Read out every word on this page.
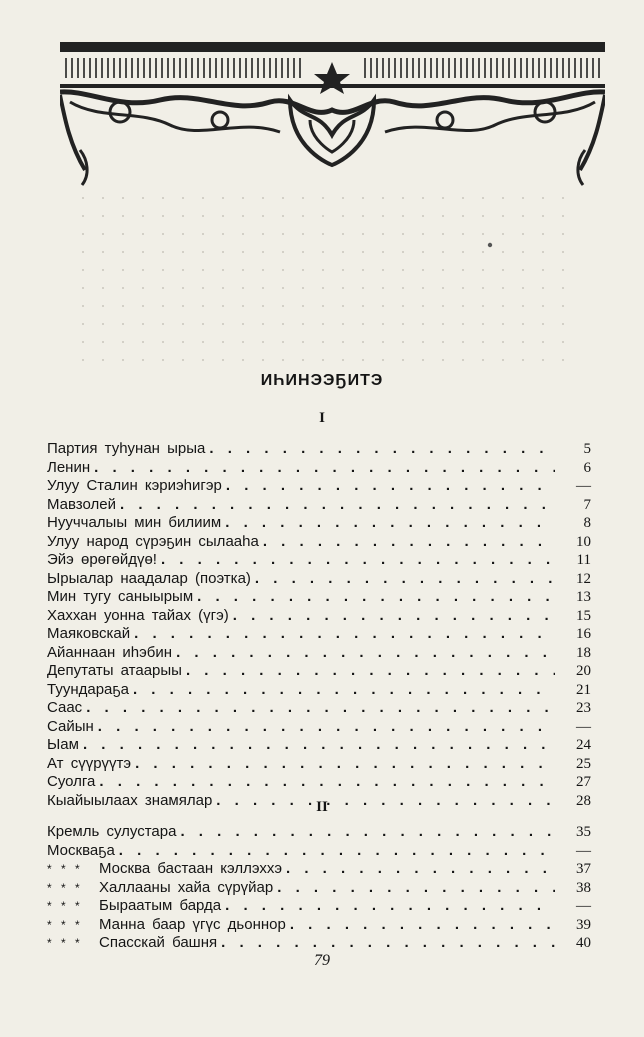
ИҺИНЭЭҔИТЭ
I
Партия туһунан ырыа . . .	5
Ленин . . .	6
Улуу Сталин кэриэһигэр . . .	—
Мавзолей . . .	7
Нууччалыы мин билиим . . .	8
Улуу народ сүрэҕин сылааһа . . .	10
Эйэ өрөгөйдүө! . . .	11
Ырыалар наадалар (поэтка) . . .	12
Мин тугу саныырым . . .	13
Хаххан уонна тайах (үгэ) . . .	15
Маяковскай . . .	16
Айаннаан иһэбин . . .	18
Депутаты атаарыы . . .	20
Туундараҕа . . .	21
Саас . . .	23
Сайын . . .	—
Ыам . . .	24
Ат сүүрүүтэ . . .	25
Суолга . . .	27
Кыайыылаах знамялар . . .	28
II
Кремль сулустара . . .	35
Москваҕа . . .	—
* * *	Москва бастаан кэллэххэ . . .	37
* * *	Халлааны хайа сүрүйар . . .	38
* * *	Быраатым барда . . .	—
* * *	Манна баар үгүс дьоннор . . .	39
* * *	Спасскай башня . . .	40
79
